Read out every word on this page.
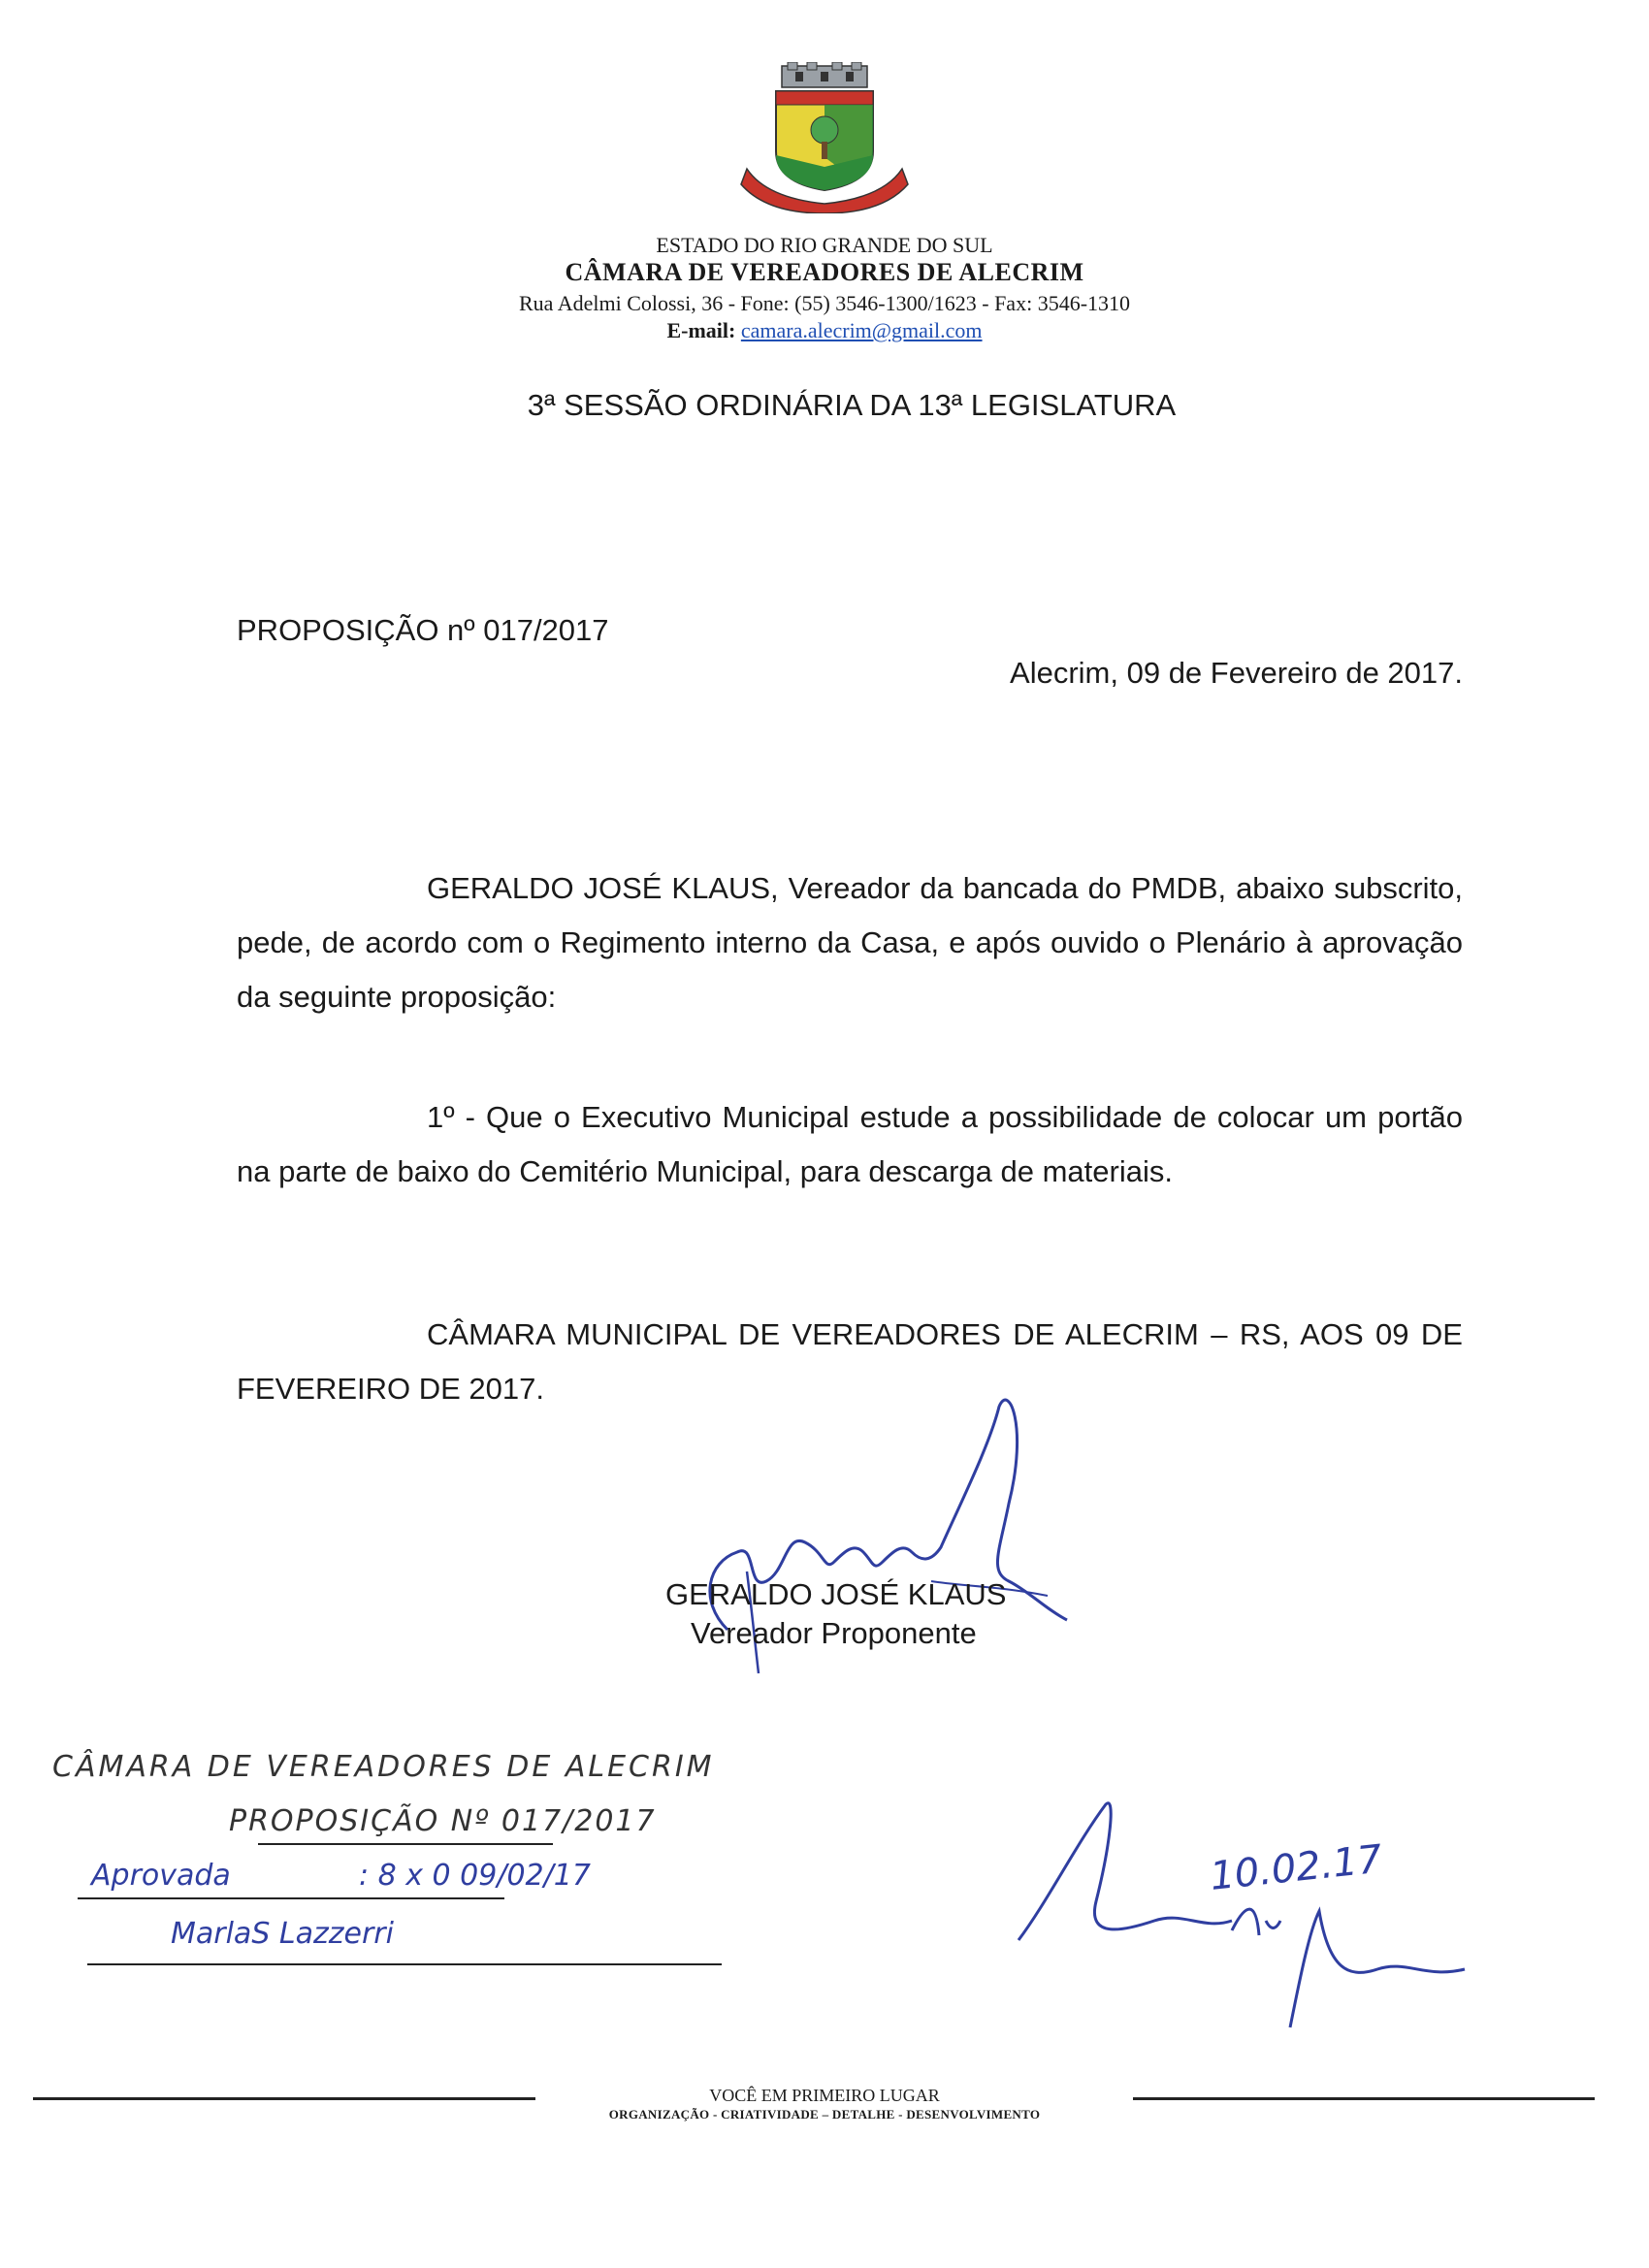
ESTADO DO RIO GRANDE DO SUL
CÂMARA DE VEREADORES DE ALECRIM
Rua Adelmi Colossi, 36 - Fone: (55) 3546-1300/1623 - Fax: 3546-1310
E-mail: camara.alecrim@gmail.com
3ª SESSÃO ORDINÁRIA DA 13ª LEGISLATURA
PROPOSIÇÃO nº 017/2017
Alecrim, 09 de Fevereiro de 2017.
GERALDO JOSÉ KLAUS, Vereador da bancada do PMDB, abaixo subscrito, pede, de acordo com o Regimento interno da Casa, e após ouvido o Plenário à aprovação da seguinte proposição:
1º - Que o Executivo Municipal estude a possibilidade de colocar um portão na parte de baixo do Cemitério Municipal, para descarga de materiais.
CÂMARA MUNICIPAL DE VEREADORES DE ALECRIM – RS, AOS 09 DE FEVEREIRO DE 2017.
GERALDO JOSÉ KLAUS
Vereador Proponente
CÂMARA DE VEREADORES DE ALECRIM
PROPOSIÇÃO Nº 017/2017
Aprovada	: 8 x 0 09/02/17
MarlaS Lazzerri
10.02.17
VOCÊ EM PRIMEIRO LUGAR
ORGANIZAÇÃO - CRIATIVIDADE – DETALHE - DESENVOLVIMENTO
